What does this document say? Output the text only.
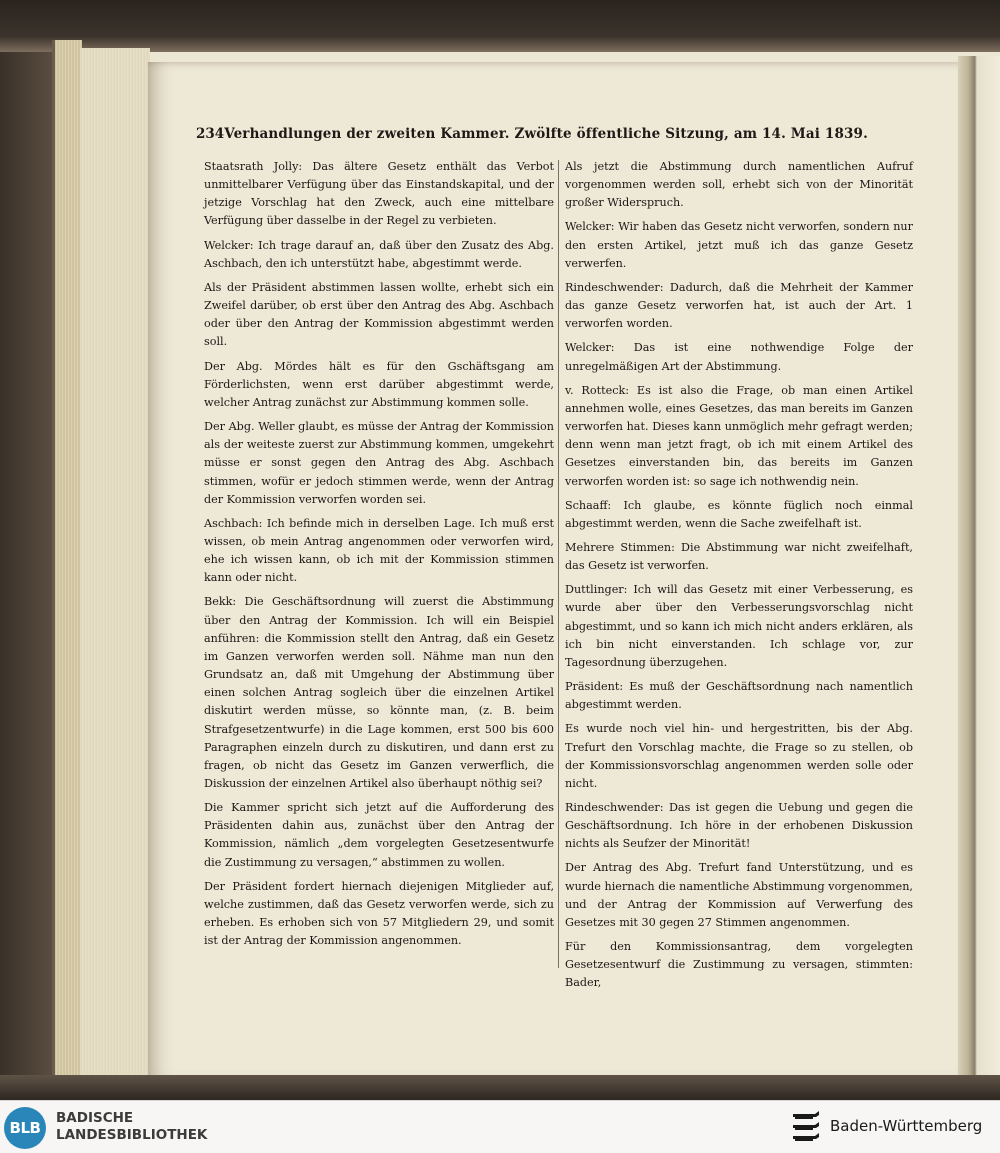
234 Verhandlungen der zweiten Kammer. Zwölfte öffentliche Sitzung, am 14. Mai 1839.

Staatsrath Jolly: Das ältere Gesetz enthält das Verbot unmittelbarer Verfügung über das Einstandskapital, und der jetzige Vorschlag hat den Zweck, auch eine mittelbare Verfügung über dasselbe in der Regel zu verbieten.

Welcker: Ich trage darauf an, daß über den Zusatz des Abg. Aschbach, den ich unterstützt habe, abgestimmt werde.

Als der Präsident abstimmen lassen wollte, erhebt sich ein Zweifel darüber, ob erst über den Antrag des Abg. Aschbach oder über den Antrag der Kommission abgestimmt werden soll.

Der Abg. Mördes hält es für den Gschäftsgang am Förderlichsten, wenn erst darüber abgestimmt werde, welcher Antrag zunächst zur Abstimmung kommen solle.

Der Abg. Weller glaubt, es müsse der Antrag der Kommission als der weiteste zuerst zur Abstimmung kommen, umgekehrt müsse er sonst gegen den Antrag des Abg. Aschbach stimmen, wofür er jedoch stimmen werde, wenn der Antrag der Kommission verworfen worden sei.

Aschbach: Ich befinde mich in derselben Lage. Ich muß erst wissen, ob mein Antrag angenommen oder verworfen wird, ehe ich wissen kann, ob ich mit der Kommission stimmen kann oder nicht.

Bekk: Die Geschäftsordnung will zuerst die Abstimmung über den Antrag der Kommission. Ich will ein Beispiel anführen: die Kommission stellt den Antrag, daß ein Gesetz im Ganzen verworfen werden soll. Nähme man nun den Grundsatz an, daß mit Umgehung der Abstimmung über einen solchen Antrag sogleich über die einzelnen Artikel diskutirt werden müsse, so könnte man, (z. B. beim Strafgesetzentwurfe) in die Lage kommen, erst 500 bis 600 Paragraphen einzeln durch zu diskutiren, und dann erst zu fragen, ob nicht das Gesetz im Ganzen verwerflich, die Diskussion der einzelnen Artikel also überhaupt nöthig sei?

Die Kammer spricht sich jetzt auf die Aufforderung des Präsidenten dahin aus, zunächst über den Antrag der Kommission, nämlich „dem vorgelegten Gesetzesentwurfe die Zustimmung zu versagen,“ abstimmen zu wollen.

Der Präsident fordert hiernach diejenigen Mitglieder auf, welche zustimmen, daß das Gesetz verworfen werde, sich zu erheben. Es erhoben sich von 57 Mitgliedern 29, und somit ist der Antrag der Kommission angenommen.

Als jetzt die Abstimmung durch namentlichen Aufruf vorgenommen werden soll, erhebt sich von der Minorität großer Widerspruch.

Welcker: Wir haben das Gesetz nicht verworfen, sondern nur den ersten Artikel, jetzt muß ich das ganze Gesetz verwerfen.

Rindeschwender: Dadurch, daß die Mehrheit der Kammer das ganze Gesetz verworfen hat, ist auch der Art. 1 verworfen worden.

Welcker: Das ist eine nothwendige Folge der unregelmäßigen Art der Abstimmung.

v. Rotteck: Es ist also die Frage, ob man einen Artikel annehmen wolle, eines Gesetzes, das man bereits im Ganzen verworfen hat. Dieses kann unmöglich mehr gefragt werden; denn wenn man jetzt fragt, ob ich mit einem Artikel des Gesetzes einverstanden bin, das bereits im Ganzen verworfen worden ist: so sage ich nothwendig nein.

Schaaff: Ich glaube, es könnte füglich noch einmal abgestimmt werden, wenn die Sache zweifelhaft ist.

Mehrere Stimmen: Die Abstimmung war nicht zweifelhaft, das Gesetz ist verworfen.

Duttlinger: Ich will das Gesetz mit einer Verbesserung, es wurde aber über den Verbesserungsvorschlag nicht abgestimmt, und so kann ich mich nicht anders erklären, als ich bin nicht einverstanden. Ich schlage vor, zur Tagesordnung überzugehen.

Präsident: Es muß der Geschäftsordnung nach namentlich abgestimmt werden.

Es wurde noch viel hin- und hergestritten, bis der Abg. Trefurt den Vorschlag machte, die Frage so zu stellen, ob der Kommissionsvorschlag angenommen werden solle oder nicht.

Rindeschwender: Das ist gegen die Uebung und gegen die Geschäftsordnung. Ich höre in der erhobenen Diskussion nichts als Seufzer der Minorität!

Der Antrag des Abg. Trefurt fand Unterstützung, und es wurde hiernach die namentliche Abstimmung vorgenommen, und der Antrag der Kommission auf Verwerfung des Gesetzes mit 30 gegen 27 Stimmen angenommen.

Für den Kommissionsantrag, dem vorgelegten Gesetzesentwurf die Zustimmung zu versagen, stimmten: Bader,

BLB
BADISCHE
LANDESBIBLIOTHEK	Baden-Württemberg
